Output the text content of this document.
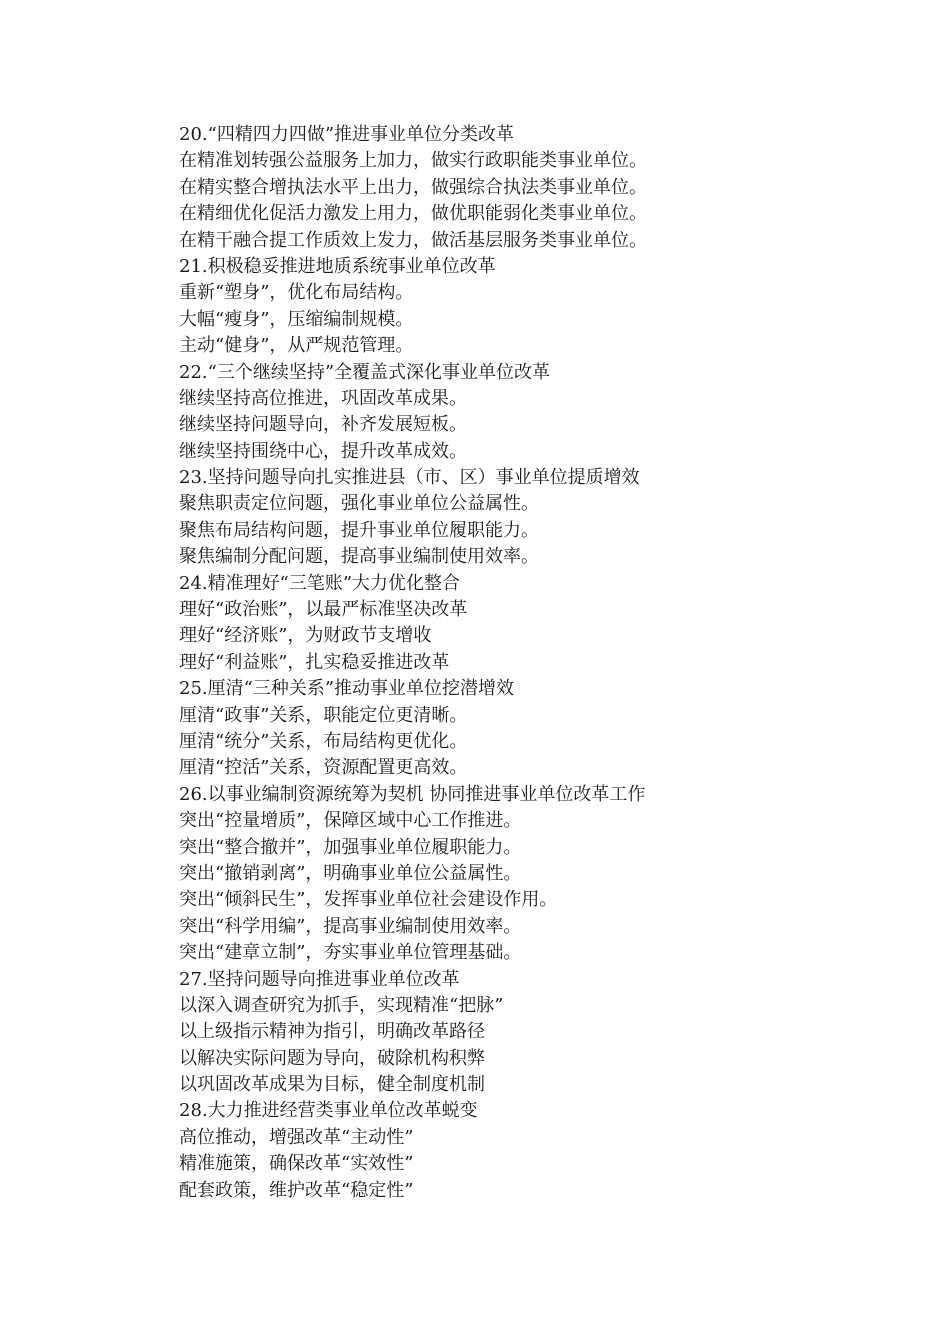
20.“四精四力四做”推进事业单位分类改革
在精准划转强公益服务上加力，做实行政职能类事业单位。
在精实整合增执法水平上出力，做强综合执法类事业单位。
在精细优化促活力激发上用力，做优职能弱化类事业单位。
在精干融合提工作质效上发力，做活基层服务类事业单位。
21.积极稳妥推进地质系统事业单位改革
重新“塑身”，优化布局结构。
大幅“瘦身”，压缩编制规模。
主动“健身”，从严规范管理。
22.“三个继续坚持”全覆盖式深化事业单位改革
继续坚持高位推进，巩固改革成果。
继续坚持问题导向，补齐发展短板。
继续坚持围绕中心，提升改革成效。
23.坚持问题导向扎实推进县（市、区）事业单位提质增效
聚焦职责定位问题，强化事业单位公益属性。
聚焦布局结构问题，提升事业单位履职能力。
聚焦编制分配问题，提高事业编制使用效率。
24.精准理好“三笔账”大力优化整合
理好“政治账”，以最严标准坚决改革
理好“经济账”，为财政节支增收
理好“利益账”，扎实稳妥推进改革
25.厘清“三种关系”推动事业单位挖潜增效
厘清“政事”关系，职能定位更清晰。
厘清“统分”关系，布局结构更优化。
厘清“控活”关系，资源配置更高效。
26.以事业编制资源统筹为契机 协同推进事业单位改革工作
突出“控量增质”，保障区域中心工作推进。
突出“整合撤并”，加强事业单位履职能力。
突出“撤销剥离”，明确事业单位公益属性。
突出“倾斜民生”，发挥事业单位社会建设作用。
突出“科学用编”，提高事业编制使用效率。
突出“建章立制”，夯实事业单位管理基础。
27.坚持问题导向推进事业单位改革
以深入调查研究为抓手，实现精准“把脉”
以上级指示精神为指引，明确改革路径
以解决实际问题为导向，破除机构积弊
以巩固改革成果为目标，健全制度机制
28.大力推进经营类事业单位改革蜕变
高位推动，增强改革“主动性”
精准施策，确保改革“实效性”
配套政策，维护改革“稳定性”
